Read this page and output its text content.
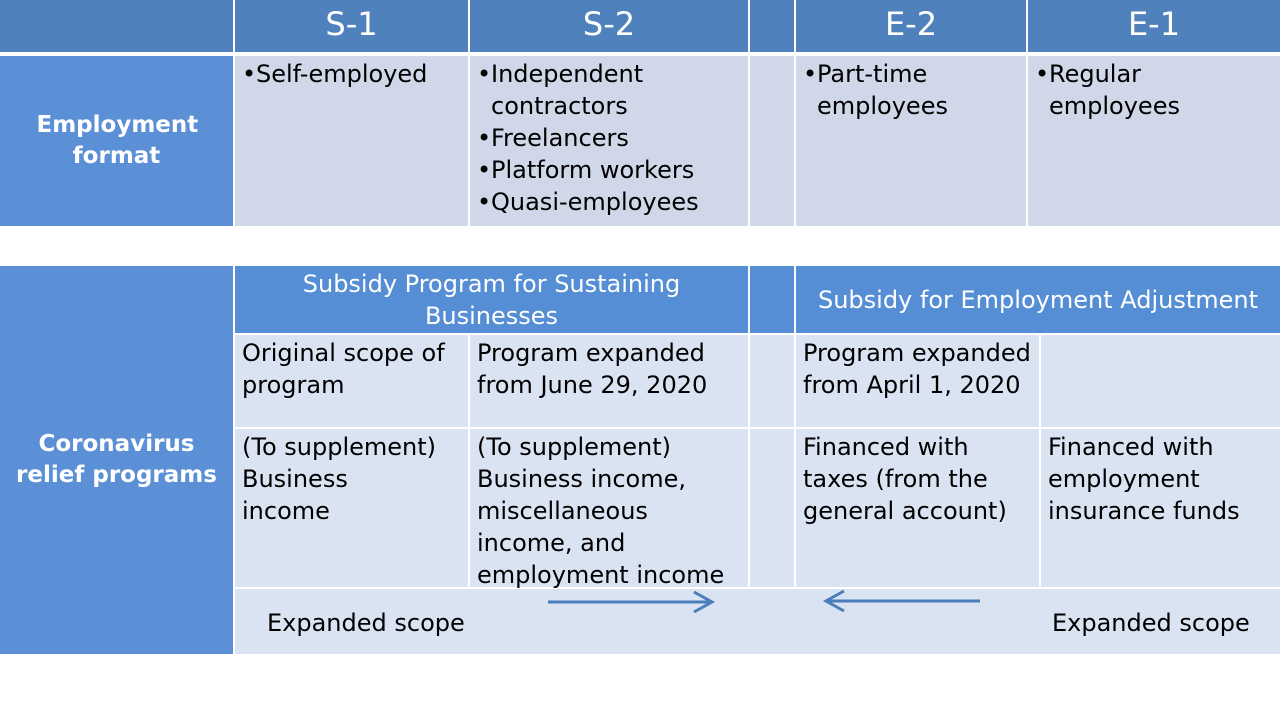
S-1	S-2	E-2	E-1
Employment format
• Self-employed
•	Independent contractors
• Freelancers
• Platform workers
• Quasi-employees
• Part-time employees
• Regular employees
Coronavirus relief programs
Subsidy Program for Sustaining Businesses
Subsidy for Employment Adjustment
Original scope of program
Program expanded from June 29, 2020
Program expanded from April 1, 2020
(To supplement) Business income
(To supplement) Business income, miscellaneous income, and employment income
Financed with taxes (from the general account)
Financed with employment insurance funds
Expanded scope	Expanded scope
